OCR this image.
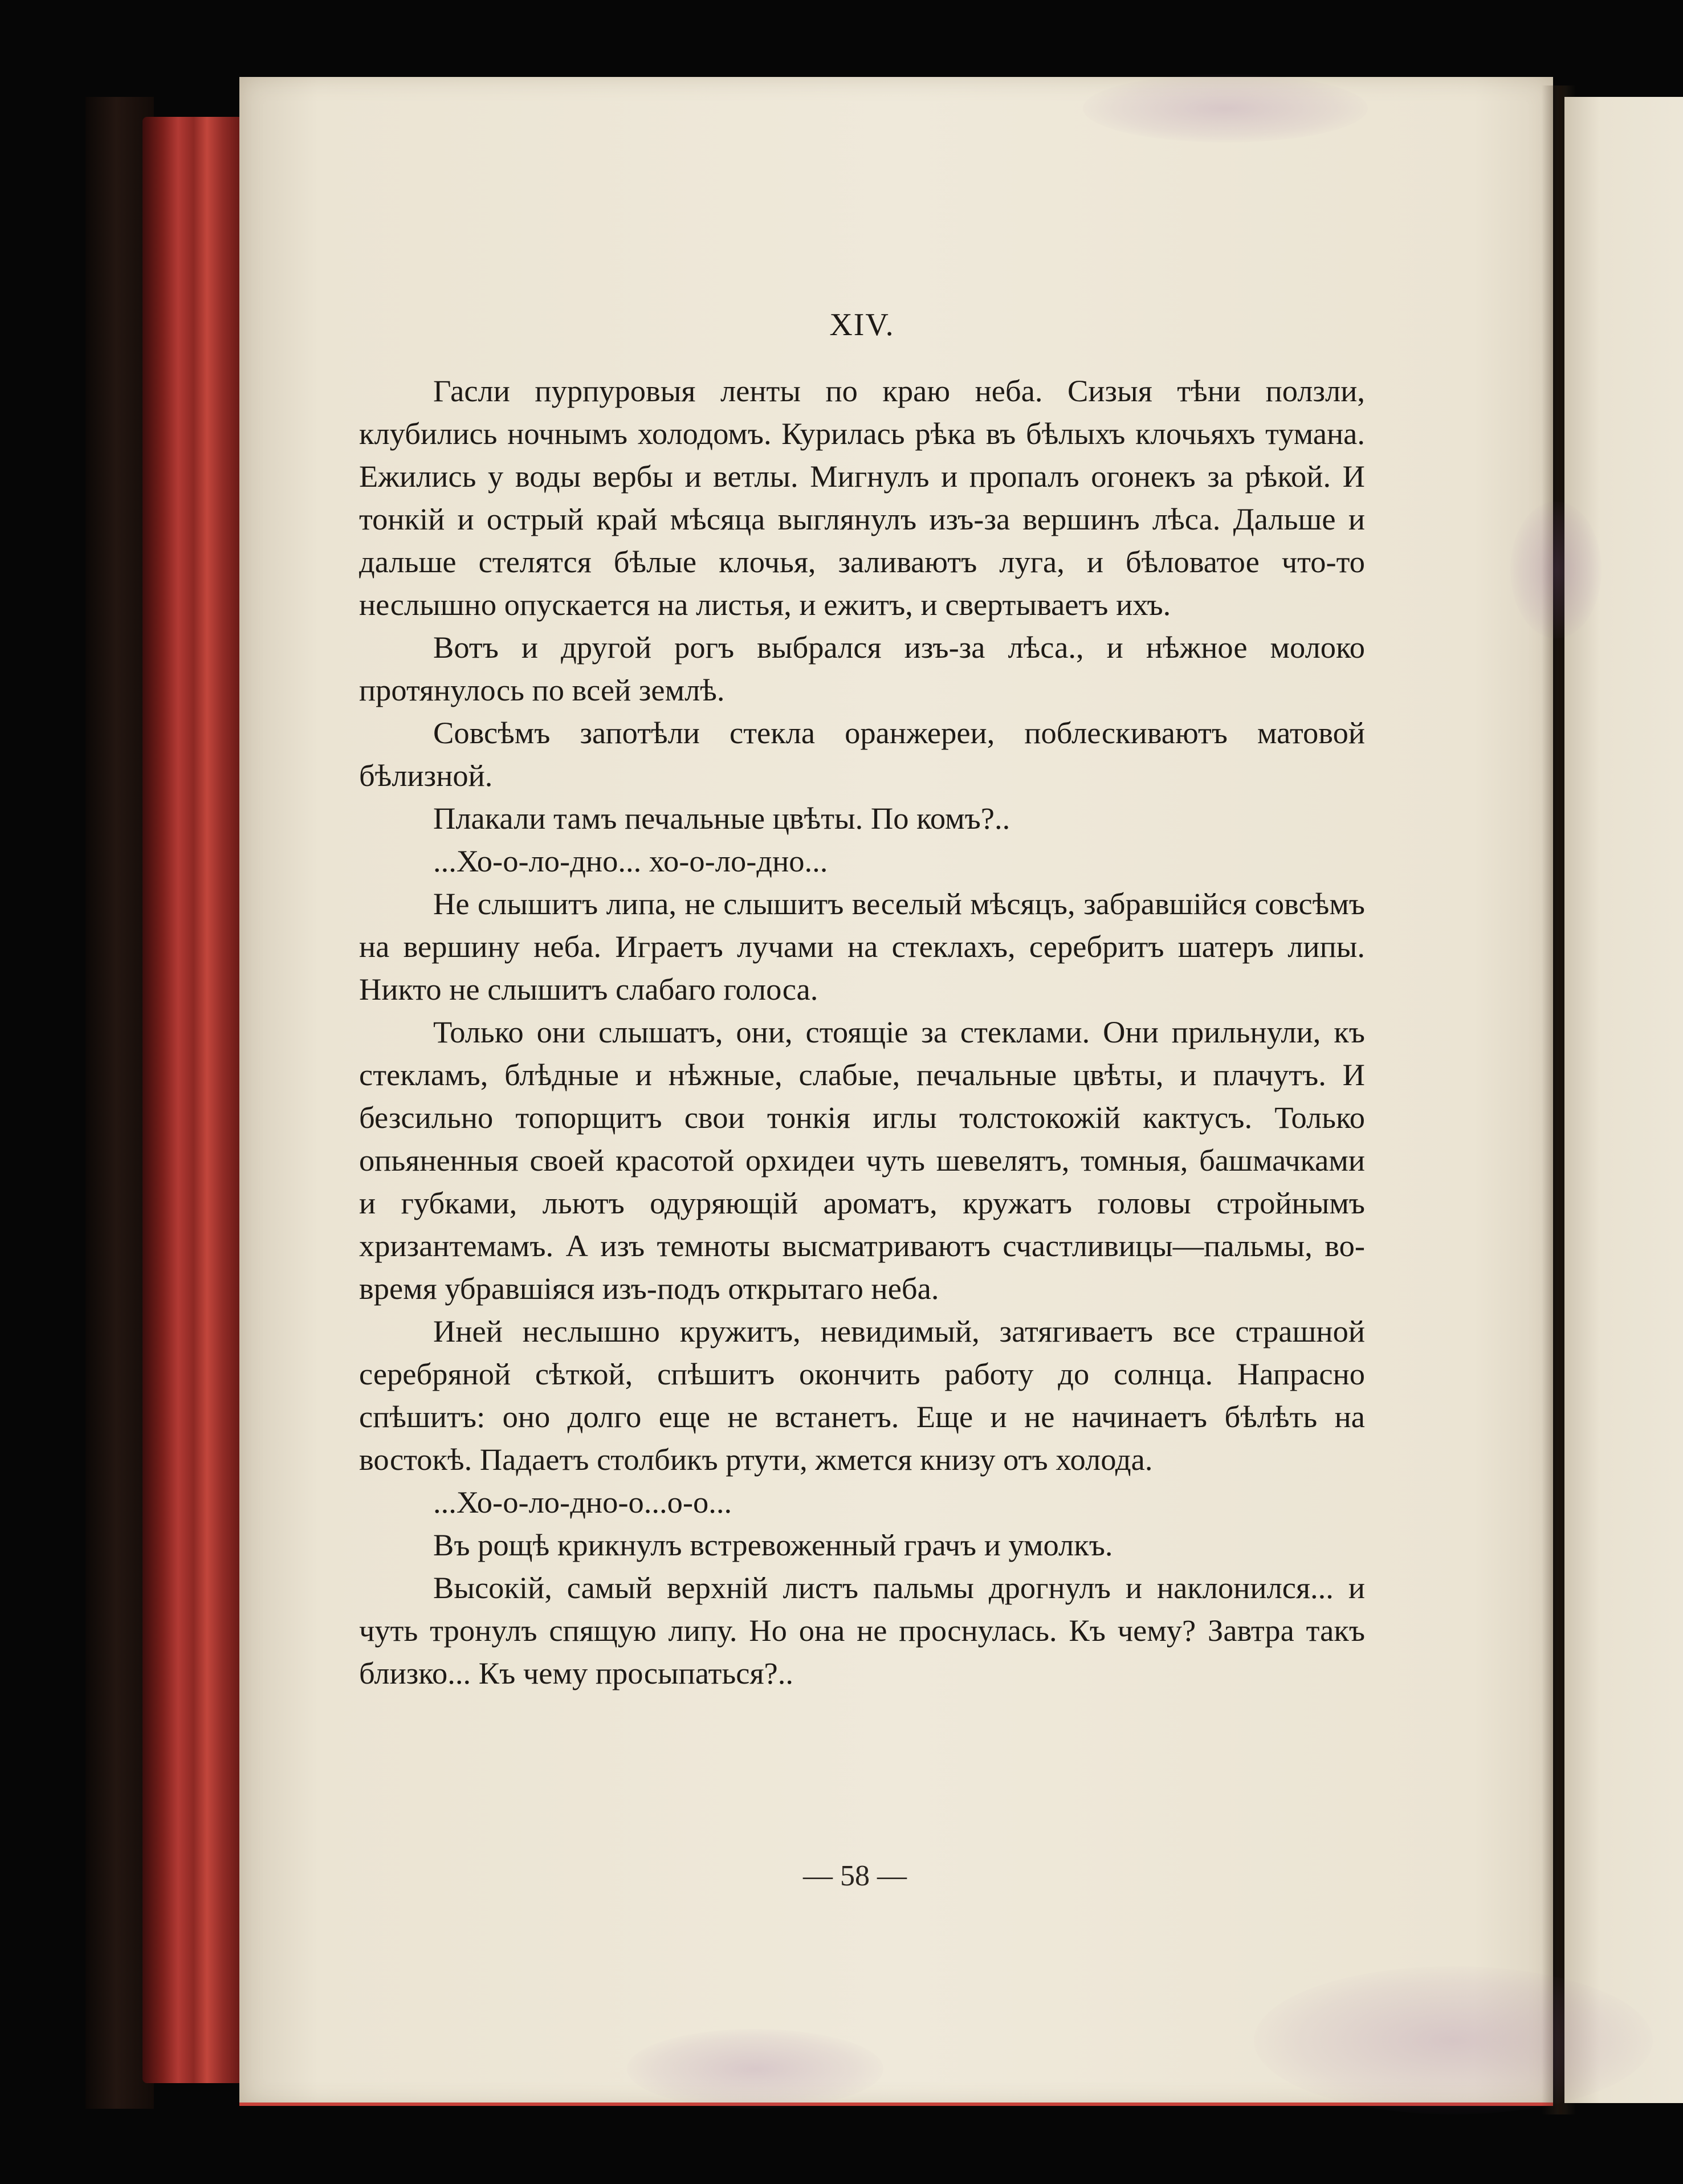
XIV.

Гасли пурпуровыя ленты по краю неба. Сизыя тѣни ползли, клубились ночнымъ холодомъ. Курилась рѣка въ бѣлыхъ клочьяхъ тумана. Ежились у воды вербы и ветлы. Мигнулъ и пропалъ огонекъ за рѣкой. И тонкій и острый край мѣсяца выглянулъ изъ-за вершинъ лѣса. Дальше и дальше стелятся бѣлые клочья, заливаютъ луга, и бѣловатое что-то неслышно опускается на листья, и ежитъ, и свертываетъ ихъ.

Вотъ и другой рогъ выбрался изъ-за лѣса., и нѣжное молоко протянулось по всей землѣ.

Совсѣмъ запотѣли стекла оранжереи, поблескиваютъ матовой бѣлизной.

Плакали тамъ печальные цвѣты. По комъ?..

...Хо-о-ло-дно... хо-о-ло-дно...

Не слышитъ липа, не слышитъ веселый мѣсяцъ, забравшійся совсѣмъ на вершину неба. Играетъ лучами на стеклахъ, серебритъ шатеръ липы. Никто не слышитъ слабаго голоса.

Только они слышатъ, они, стоящіе за стеклами. Они прильнули, къ стекламъ, блѣдные и нѣжные, слабые, печальные цвѣты, и плачутъ. И безсильно топорщитъ свои тонкія иглы толстокожій кактусъ. Только опьяненныя своей красотой орхидеи чуть шевелятъ, томныя, башмачками и губками, льютъ одуряющій ароматъ, кружатъ головы стройнымъ хризантемамъ. А изъ темноты высматриваютъ счастливицы—пальмы, во-время убравшіяся изъ-подъ открытаго неба.

Иней неслышно кружитъ, невидимый, затягиваетъ все страшной серебряной сѣткой, спѣшитъ окончить работу до солнца. Напрасно спѣшитъ: оно долго еще не встанетъ. Еще и не начинаетъ бѣлѣть на востокѣ. Падаетъ столбикъ ртути, жмется книзу отъ холода.

...Хо-о-ло-дно-о...о-о...

Въ рощѣ крикнулъ встревоженный грачъ и умолкъ.

Высокій, самый верхній листъ пальмы дрогнулъ и наклонился... и чуть тронулъ спящую липу. Но она не проснулась. Къ чему? Завтра такъ близко... Къ чему просыпаться?..

— 58 —
